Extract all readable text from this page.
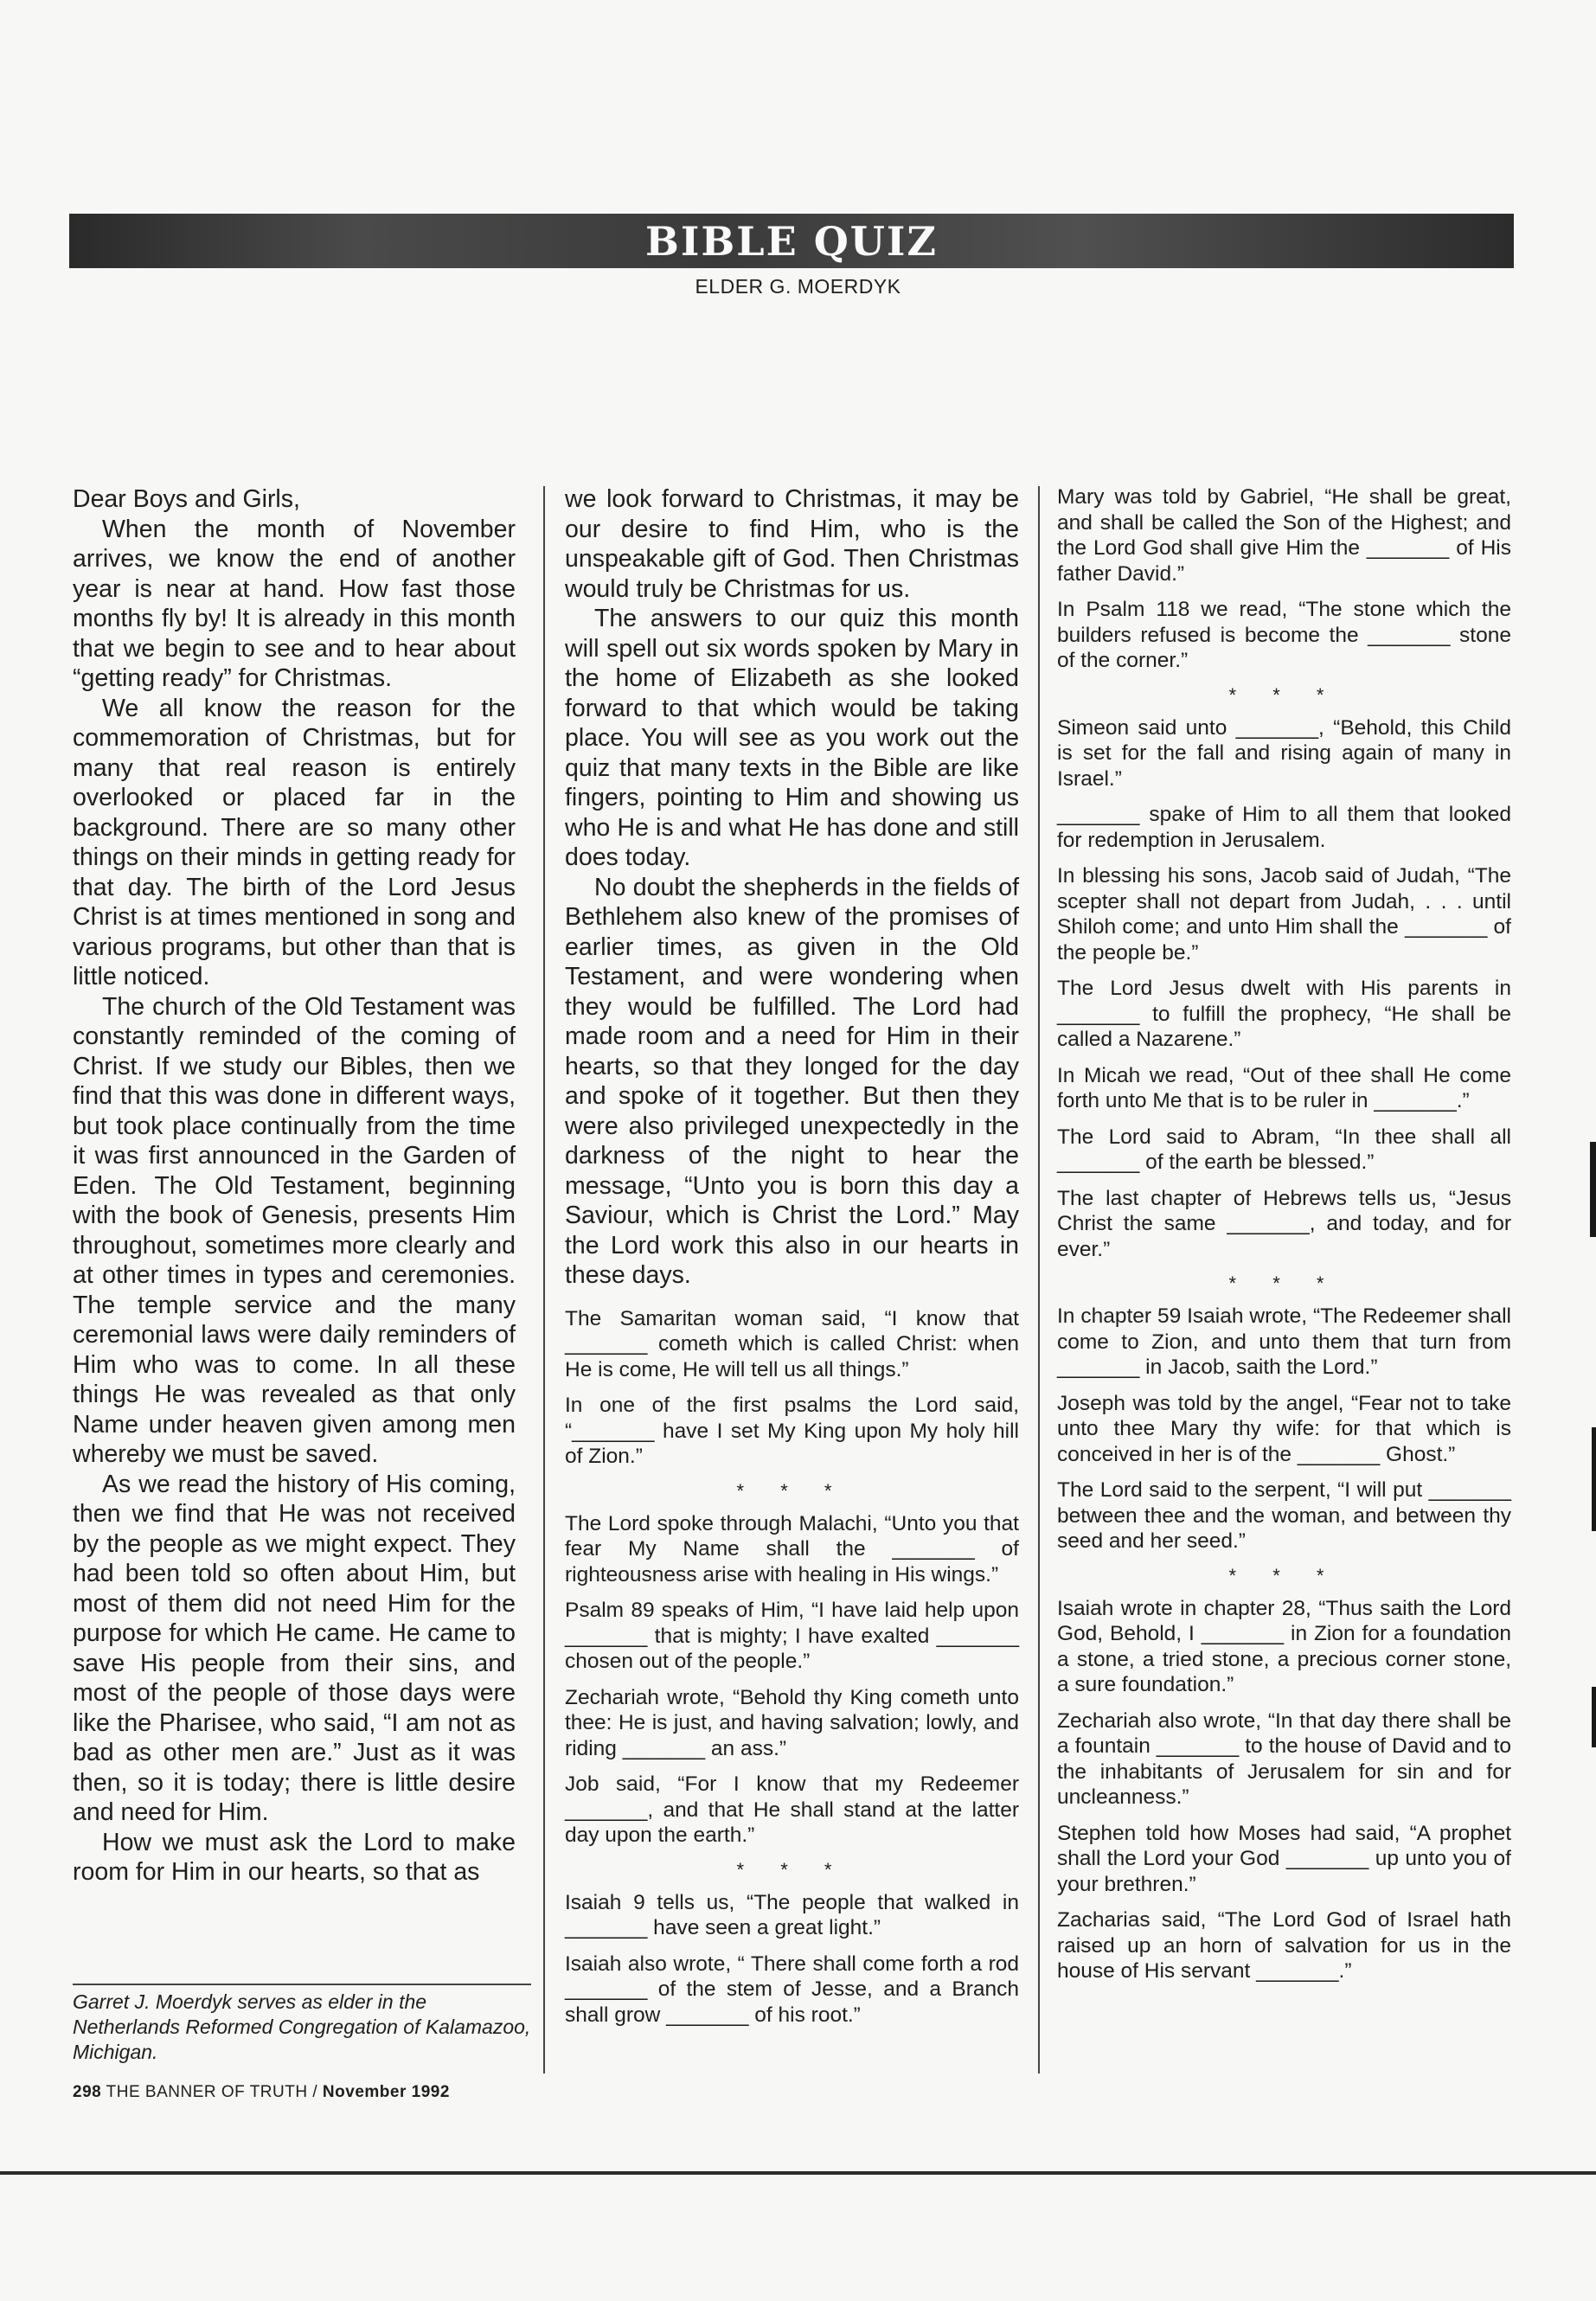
BIBLE QUIZ
ELDER G. MOERDYK

Dear Boys and Girls,

When the month of November arrives, we know the end of another year is near at hand. How fast those months fly by! It is already in this month that we begin to see and to hear about “getting ready” for Christmas.

We all know the reason for the commemoration of Christmas, but for many that real reason is entirely overlooked or placed far in the background. There are so many other things on their minds in getting ready for that day. The birth of the Lord Jesus Christ is at times mentioned in song and various programs, but other than that is little noticed.

The church of the Old Testament was constantly reminded of the coming of Christ. If we study our Bibles, then we find that this was done in different ways, but took place continually from the time it was first announced in the Garden of Eden. The Old Testament, beginning with the book of Genesis, presents Him throughout, sometimes more clearly and at other times in types and ceremonies. The temple service and the many ceremonial laws were daily reminders of Him who was to come. In all these things He was revealed as that only Name under heaven given among men whereby we must be saved.

As we read the history of His coming, then we find that He was not received by the people as we might expect. They had been told so often about Him, but most of them did not need Him for the purpose for which He came. He came to save His people from their sins, and most of the people of those days were like the Pharisee, who said, “I am not as bad as other men are.” Just as it was then, so it is today; there is little desire and need for Him.

How we must ask the Lord to make room for Him in our hearts, so that as

we look forward to Christmas, it may be our desire to find Him, who is the unspeakable gift of God. Then Christmas would truly be Christmas for us.

The answers to our quiz this month will spell out six words spoken by Mary in the home of Elizabeth as she looked forward to that which would be taking place. You will see as you work out the quiz that many texts in the Bible are like fingers, pointing to Him and showing us who He is and what He has done and still does today.

No doubt the shepherds in the fields of Bethlehem also knew of the promises of earlier times, as given in the Old Testament, and were wondering when they would be fulfilled. The Lord had made room and a need for Him in their hearts, so that they longed for the day and spoke of it together. But then they were also privileged unexpectedly in the darkness of the night to hear the message, “Unto you is born this day a Saviour, which is Christ the Lord.” May the Lord work this also in our hearts in these days.

The Samaritan woman said, “I know that _______ cometh which is called Christ: when He is come, He will tell us all things.”

In one of the first psalms the Lord said, “_______ have I set My King upon My holy hill of Zion.”

* * *

The Lord spoke through Malachi, “Unto you that fear My Name shall the _______ of righteousness arise with healing in His wings.”

Psalm 89 speaks of Him, “I have laid help upon _______ that is mighty; I have exalted _______ chosen out of the people.”

Zechariah wrote, “Behold thy King cometh unto thee: He is just, and having salvation; lowly, and riding _______ an ass.”

Job said, “For I know that my Redeemer _______, and that He shall stand at the latter day upon the earth.”

* * *

Isaiah 9 tells us, “The people that walked in _______ have seen a great light.”

Isaiah also wrote, “ There shall come forth a rod _______ of the stem of Jesse, and a Branch shall grow _______ of his root.”

Mary was told by Gabriel, “He shall be great, and shall be called the Son of the Highest; and the Lord God shall give Him the _______ of His father David.”

In Psalm 118 we read, “The stone which the builders refused is become the _______ stone of the corner.”

* * *

Simeon said unto _______, “Behold, this Child is set for the fall and rising again of many in Israel.”

_______ spake of Him to all them that looked for redemption in Jerusalem.

In blessing his sons, Jacob said of Judah, “The scepter shall not depart from Judah, . . . until Shiloh come; and unto Him shall the _______ of the people be.”

The Lord Jesus dwelt with His parents in _______ to fulfill the prophecy, “He shall be called a Nazarene.”

In Micah we read, “Out of thee shall He come forth unto Me that is to be ruler in _______.”

The Lord said to Abram, “In thee shall all _______ of the earth be blessed.”

The last chapter of Hebrews tells us, “Jesus Christ the same _______, and today, and for ever.”

* * *

In chapter 59 Isaiah wrote, “The Redeemer shall come to Zion, and unto them that turn from _______ in Jacob, saith the Lord.”

Joseph was told by the angel, “Fear not to take unto thee Mary thy wife: for that which is conceived in her is of the _______ Ghost.”

The Lord said to the serpent, “I will put _______ between thee and the woman, and between thy seed and her seed.”

* * *

Isaiah wrote in chapter 28, “Thus saith the Lord God, Behold, I _______ in Zion for a foundation a stone, a tried stone, a precious corner stone, a sure foundation.”

Zechariah also wrote, “In that day there shall be a fountain _______ to the house of David and to the inhabitants of Jerusalem for sin and for uncleanness.”

Stephen told how Moses had said, “A prophet shall the Lord your God _______ up unto you of your brethren.”

Zacharias said, “The Lord God of Israel hath raised up an horn of salvation for us in the house of His servant _______.”

Garret J. Moerdyk serves as elder in the Netherlands Reformed Congregation of Kalamazoo, Michigan.
298 THE BANNER OF TRUTH / November 1992
